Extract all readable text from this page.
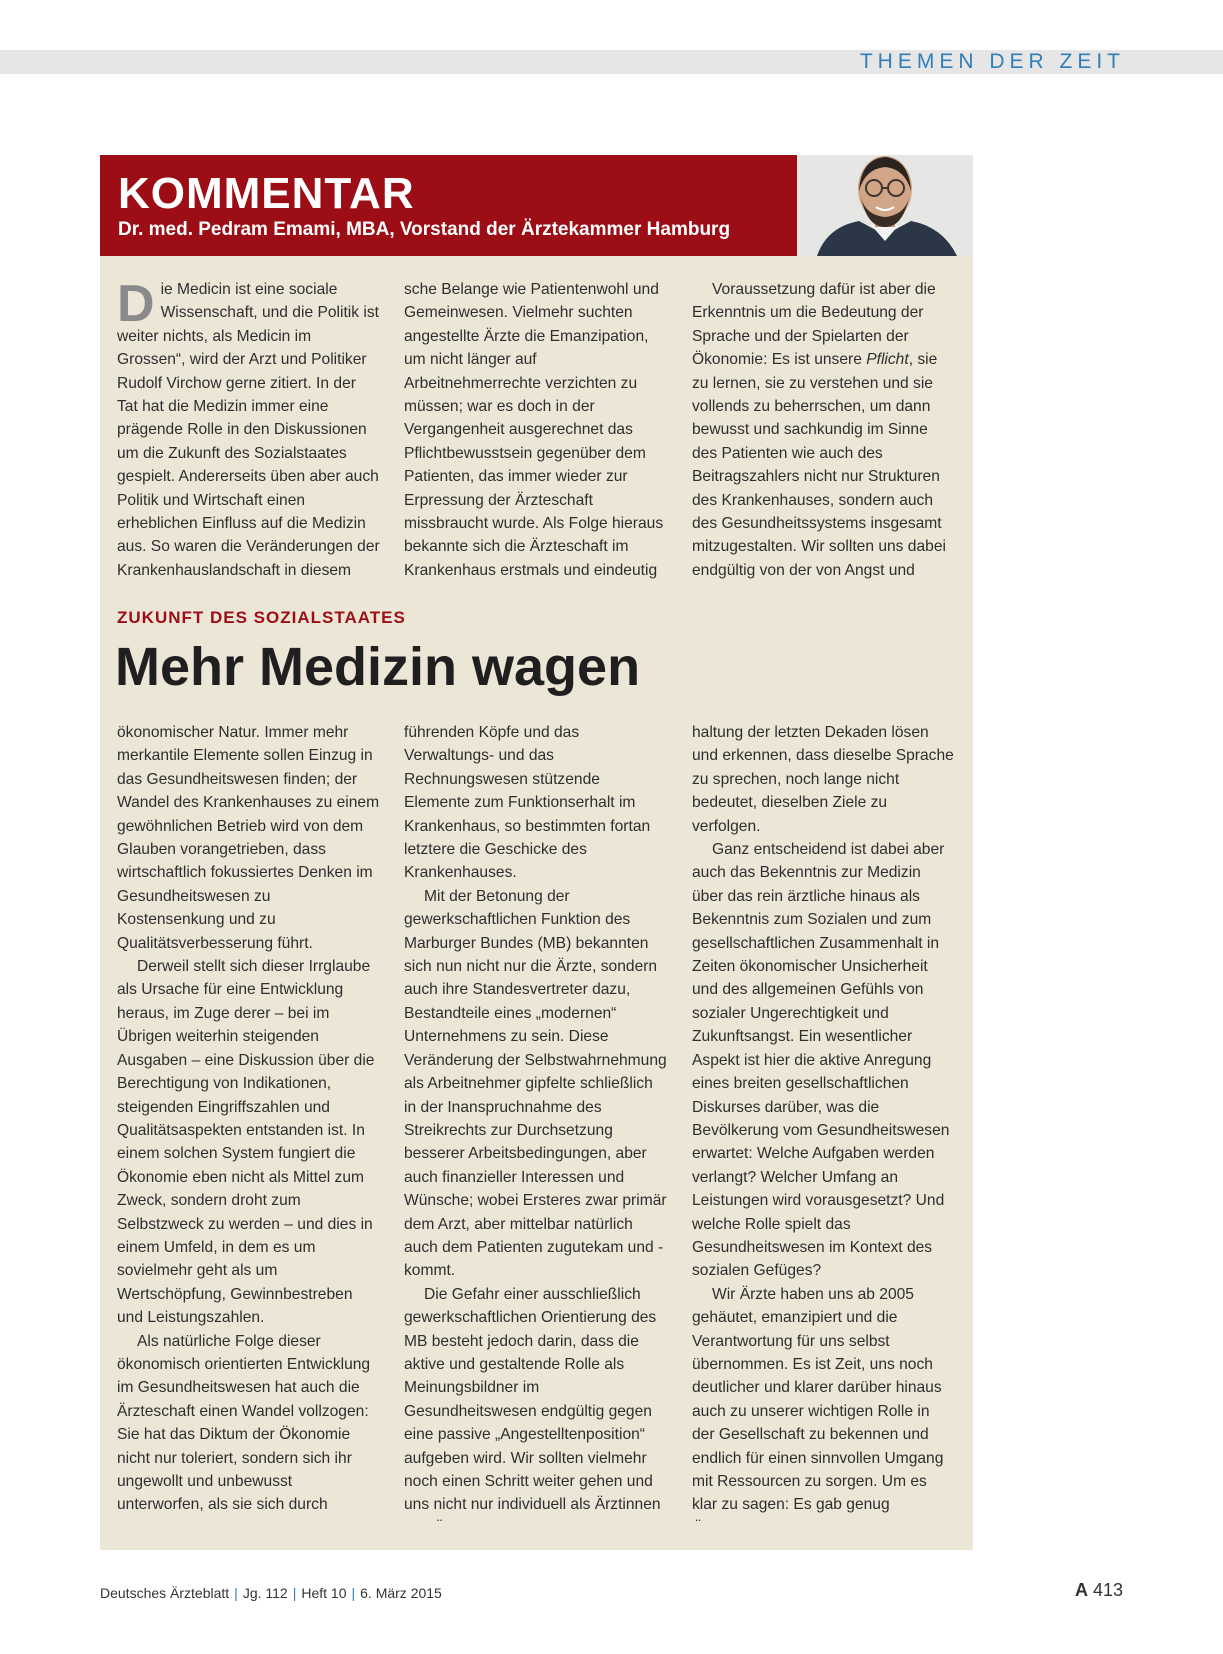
THEMEN DER ZEIT
KOMMENTAR
Dr. med. Pedram Emami, MBA, Vorstand der Ärztekammer Hamburg
Die Medicin ist eine sociale Wissenschaft, und die Politik ist weiter nichts, als Medicin im Grossen“, wird der Arzt und Politiker Rudolf Virchow gerne zitiert. In der Tat hat die Medizin immer eine prägende Rolle in den Diskussionen um die Zukunft des Sozialstaates gespielt. Andererseits üben aber auch Politik und Wirtschaft einen erheblichen Einfluss auf die Medizin aus. So waren die Veränderungen der Krankenhauslandschaft in diesem
sche Belange wie Patientenwohl und Gemeinwesen. Vielmehr suchten angestellte Ärzte die Emanzipation, um nicht länger auf Arbeitnehmerrechte verzichten zu müssen; war es doch in der Vergangenheit ausgerechnet das Pflichtbewusstsein gegenüber dem Patienten, das immer wieder zur Erpressung der Ärzteschaft missbraucht wurde. Als Folge hieraus bekannte sich die Ärzteschaft im Krankenhaus erstmals und eindeutig

Voraussetzung dafür ist aber die Erkenntnis um die Bedeutung der Sprache und der Spielarten der Ökonomie: Es ist unsere Pflicht, sie zu lernen, sie zu verstehen und sie vollends zu beherrschen, um dann bewusst und sachkundig im Sinne des Patienten wie auch des Beitragszahlers nicht nur Strukturen des Krankenhauses, sondern auch des Gesundheitssystems insgesamt mitzugestalten. Wir sollten uns dabei endgültig von der von Angst und

ZUKUNFT DES SOZIALSTAATES
Mehr Medizin wagen

ökonomischer Natur. Immer mehr merkantile Elemente sollen Einzug in das Gesundheitswesen finden; der Wandel des Krankenhauses zu einem gewöhnlichen Betrieb wird von dem Glauben vorangetrieben, dass wirtschaftlich fokussiertes Denken im Gesundheitswesen zu Kostensenkung und zu Qualitätsverbesserung führt.

Derweil stellt sich dieser Irrglaube als Ursache für eine Entwicklung heraus, im Zuge derer – bei im Übrigen weiterhin steigenden Ausgaben – eine Diskussion über die Berechtigung von Indikationen, steigenden Eingriffszahlen und Qualitätsaspekten entstanden ist. In einem solchen System fungiert die Ökonomie eben nicht als Mittel zum Zweck, sondern droht zum Selbstzweck zu werden – und dies in einem Umfeld, in dem es um sovielmehr geht als um Wertschöpfung, Gewinnbestreben und Leistungszahlen.

Als natürliche Folge dieser ökonomisch orientierten Entwicklung im Gesundheitswesen hat auch die Ärzteschaft einen Wandel vollzogen: Sie hat das Diktum der Ökonomie nicht nur toleriert, sondern sich ihr ungewollt und unbewusst unterworfen, als sie sich durch

führenden Köpfe und das Verwaltungs- und das Rechnungswesen stützende Elemente zum Funktionserhalt im Krankenhaus, so bestimmten fortan letztere die Geschicke des Krankenhauses.

Mit der Betonung der gewerkschaftlichen Funktion des Marburger Bundes (MB) bekannten sich nun nicht nur die Ärzte, sondern auch ihre Standesvertreter dazu, Bestandteile eines „modernen“ Unternehmens zu sein. Diese Veränderung der Selbstwahrnehmung als Arbeitnehmer gipfelte schließlich in der Inanspruchnahme des Streikrechts zur Durchsetzung besserer Arbeitsbedingungen, aber auch finanzieller Interessen und Wünsche; wobei Ersteres zwar primär dem Arzt, aber mittelbar natürlich auch dem Patienten zugutekam und -kommt.

Die Gefahr einer ausschließlich gewerkschaftlichen Orientierung des MB besteht jedoch darin, dass die aktive und gestaltende Rolle als Meinungsbildner im Gesundheitswesen endgültig gegen eine passive „Angestelltenposition“ aufgeben wird. Wir sollten vielmehr noch einen Schritt weiter gehen und uns nicht nur individuell als Ärztinnen

haltung der letzten Dekaden lösen und erkennen, dass dieselbe Sprache zu sprechen, noch lange nicht bedeutet, dieselben Ziele zu verfolgen.

Ganz entscheidend ist dabei aber auch das Bekenntnis zur Medizin über das rein ärztliche hinaus als Bekenntnis zum Sozialen und zum gesellschaftlichen Zusammenhalt in Zeiten ökonomischer Unsicherheit und des allgemeinen Gefühls von sozialer Ungerechtigkeit und Zukunftsangst. Ein wesentlicher Aspekt ist hier die aktive Anregung eines breiten gesellschaftlichen Diskurses darüber, was die Bevölkerung vom Gesundheitswesen erwartet: Welche Aufgaben werden verlangt? Welcher Umfang an Leistungen wird vorausgesetzt? Und welche Rolle spielt das Gesundheitswesen im Kontext des sozialen Gefüges?

Wir Ärzte haben uns ab 2005 gehäutet, emanzipiert und die Verantwortung für uns selbst übernommen. Es ist Zeit, uns noch deutlicher und klarer darüber hinaus auch zu unserer wichtigen Rolle in der Gesellschaft zu bekennen und endlich für einen sinnvollen Umgang mit Ressourcen zu sorgen. Um es klar zu sagen: Es gab genug

Deutsches Ärzteblatt | Jg. 112 | Heft 10 | 6. März 2015	A 413
